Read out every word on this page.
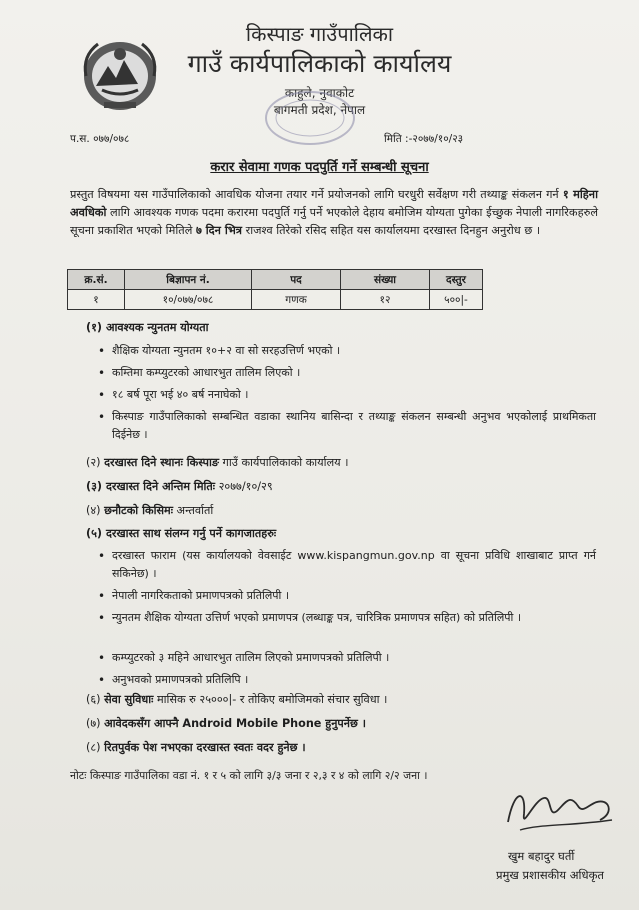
किस्पाङ गाउँपालिका
गाउँ कार्यपालिकाको कार्यालय
काहुले, नुवाकोट
बागमती प्रदेश, नेपाल
प.स. ०७७/०७८	मिति :-२०७७/१०/२३
करार सेवामा गणक पदपुर्ति गर्ने सम्बन्धी सूचना
प्रस्तुत विषयमा यस गाउँपालिकाको आवधिक योजना तयार गर्ने प्रयोजनको लागि घरधुरी सर्वेक्षण गरी तथ्याङ्क संकलन गर्न १ महिना अवधिको लागि आवश्यक गणक पदमा करारमा पदपुर्ति गर्नु पर्ने भएकोले देहाय बमोजिम योग्यता पुगेका ईच्छुक नेपाली नागरिकहरुले सूचना प्रकाशित भएको मितिले ७ दिन भित्र राजश्व तिरेको रसिद सहित यस कार्यालयमा दरखास्त दिनहुन अनुरोध छ ।
क्र.सं.	बिज्ञापन नं.	पद	संख्या	दस्तुर
१	१०/०७७/०७८	गणक	१२	५००|-
(१) आवश्यक न्युनतम योग्यता
• शैक्षिक योग्यता न्युनतम १०+२ वा सो सरहउत्तिर्ण भएको ।
• कम्तिमा कम्प्युटरको आधारभुत तालिम लिएको ।
• १८ बर्ष पूरा भई ४० बर्ष ननाघेको ।
• किस्पाङ गाउँपालिकाको सम्बन्धित वडाका स्थानिय बासिन्दा र तथ्याङ्क संकलन सम्बन्धी अनुभव भएकोलाई प्राथमिकता दिईनेछ ।
(२) दरखास्त दिने स्थानः किस्पाङ गाउँ कार्यपालिकाको कार्यालय ।
(३) दरखास्त दिने अन्तिम मितिः २०७७/१०/२९
(४) छनौटको किसिमः अन्तर्वार्ता
(५) दरखास्त साथ संलग्न गर्नु पर्ने कागजातहरुः
• दरखास्त फाराम (यस कार्यालयको वेवसाईट www.kispangmun.gov.np वा सूचना प्रविधि शाखाबाट प्राप्त गर्न सकिनेछ) ।
• नेपाली नागरिकताको प्रमाणपत्रको प्रतिलिपी ।
• न्युनतम शैक्षिक योग्यता उत्तिर्ण भएको प्रमाणपत्र (लब्धाङ्क पत्र, चारित्रिक प्रमाणपत्र सहित) को प्रतिलिपी ।
• कम्प्युटरको ३ महिने आधारभुत तालिम लिएको प्रमाणपत्रको प्रतिलिपी ।
• अनुभवको प्रमाणपत्रको प्रतिलिपि ।
(६) सेवा सुविधाः मासिक रु २५०००|- र तोकिए बमोजिमको संचार सुविधा ।
(७) आवेदकसँग आफ्नै Android Mobile Phone हुनुपर्नेछ ।
(८) रितपुर्वक पेश नभएका दरखास्त स्वतः वदर हुनेछ ।
नोटः किस्पाङ गाउँपालिका वडा नं. १ र ५ को लागि ३/३ जना र २,३ र ४ को लागि २/२ जना ।
खुम बहादुर घर्ती
प्रमुख प्रशासकीय अधिकृत
